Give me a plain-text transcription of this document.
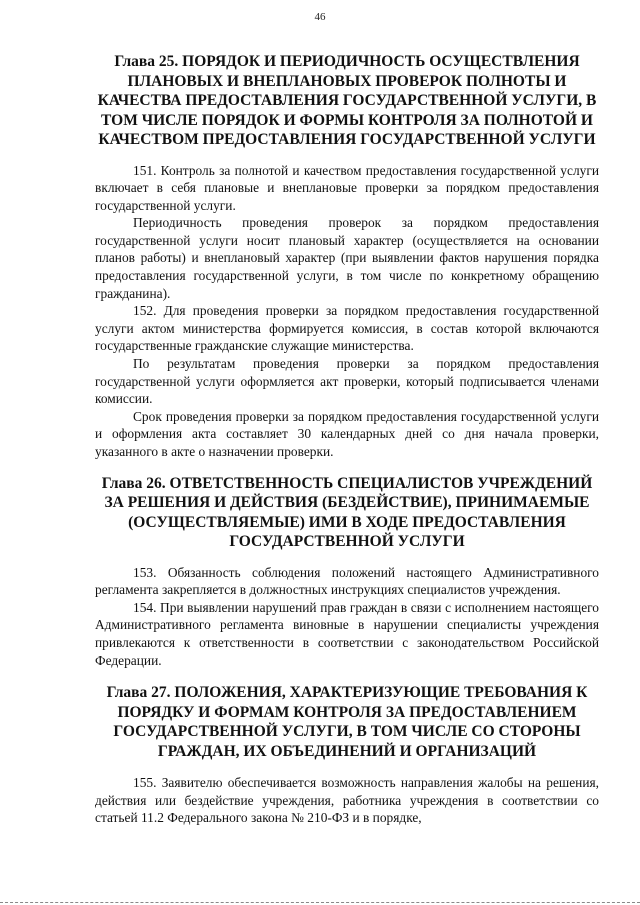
46
Глава 25. ПОРЯДОК И ПЕРИОДИЧНОСТЬ ОСУЩЕСТВЛЕНИЯ ПЛАНОВЫХ И ВНЕПЛАНОВЫХ ПРОВЕРОК ПОЛНОТЫ И КАЧЕСТВА ПРЕДОСТАВЛЕНИЯ ГОСУДАРСТВЕННОЙ УСЛУГИ, В ТОМ ЧИСЛЕ ПОРЯДОК И ФОРМЫ КОНТРОЛЯ ЗА ПОЛНОТОЙ И КАЧЕСТВОМ ПРЕДОСТАВЛЕНИЯ ГОСУДАРСТВЕННОЙ УСЛУГИ

151. Контроль за полнотой и качеством предоставления государственной услуги включает в себя плановые и внеплановые проверки за порядком предоставления государственной услуги.

Периодичность проведения проверок за порядком предоставления государственной услуги носит плановый характер (осуществляется на основании планов работы) и внеплановый характер (при выявлении фактов нарушения порядка предоставления государственной услуги, в том числе по конкретному обращению гражданина).

152. Для проведения проверки за порядком предоставления государственной услуги актом министерства формируется комиссия, в состав которой включаются государственные гражданские служащие министерства.

По результатам проведения проверки за порядком предоставления государственной услуги оформляется акт проверки, который подписывается членами комиссии.

Срок проведения проверки за порядком предоставления государственной услуги и оформления акта составляет 30 календарных дней со дня начала проверки, указанного в акте о назначении проверки.

Глава 26. ОТВЕТСТВЕННОСТЬ СПЕЦИАЛИСТОВ УЧРЕЖДЕНИЙ ЗА РЕШЕНИЯ И ДЕЙСТВИЯ (БЕЗДЕЙСТВИЕ), ПРИНИМАЕМЫЕ (ОСУЩЕСТВЛЯЕМЫЕ) ИМИ В ХОДЕ ПРЕДОСТАВЛЕНИЯ ГОСУДАРСТВЕННОЙ УСЛУГИ

153. Обязанность соблюдения положений настоящего Административного регламента закрепляется в должностных инструкциях специалистов учреждения.

154. При выявлении нарушений прав граждан в связи с исполнением настоящего Административного регламента виновные в нарушении специалисты учреждения привлекаются к ответственности в соответствии с законодательством Российской Федерации.

Глава 27. ПОЛОЖЕНИЯ, ХАРАКТЕРИЗУЮЩИЕ ТРЕБОВАНИЯ К ПОРЯДКУ И ФОРМАМ КОНТРОЛЯ ЗА ПРЕДОСТАВЛЕНИЕМ ГОСУДАРСТВЕННОЙ УСЛУГИ, В ТОМ ЧИСЛЕ СО СТОРОНЫ ГРАЖДАН, ИХ ОБЪЕДИНЕНИЙ И ОРГАНИЗАЦИЙ

155. Заявителю обеспечивается возможность направления жалобы на решения, действия или бездействие учреждения, работника учреждения в соответствии со статьей 11.2 Федерального закона № 210-ФЗ и в порядке,
